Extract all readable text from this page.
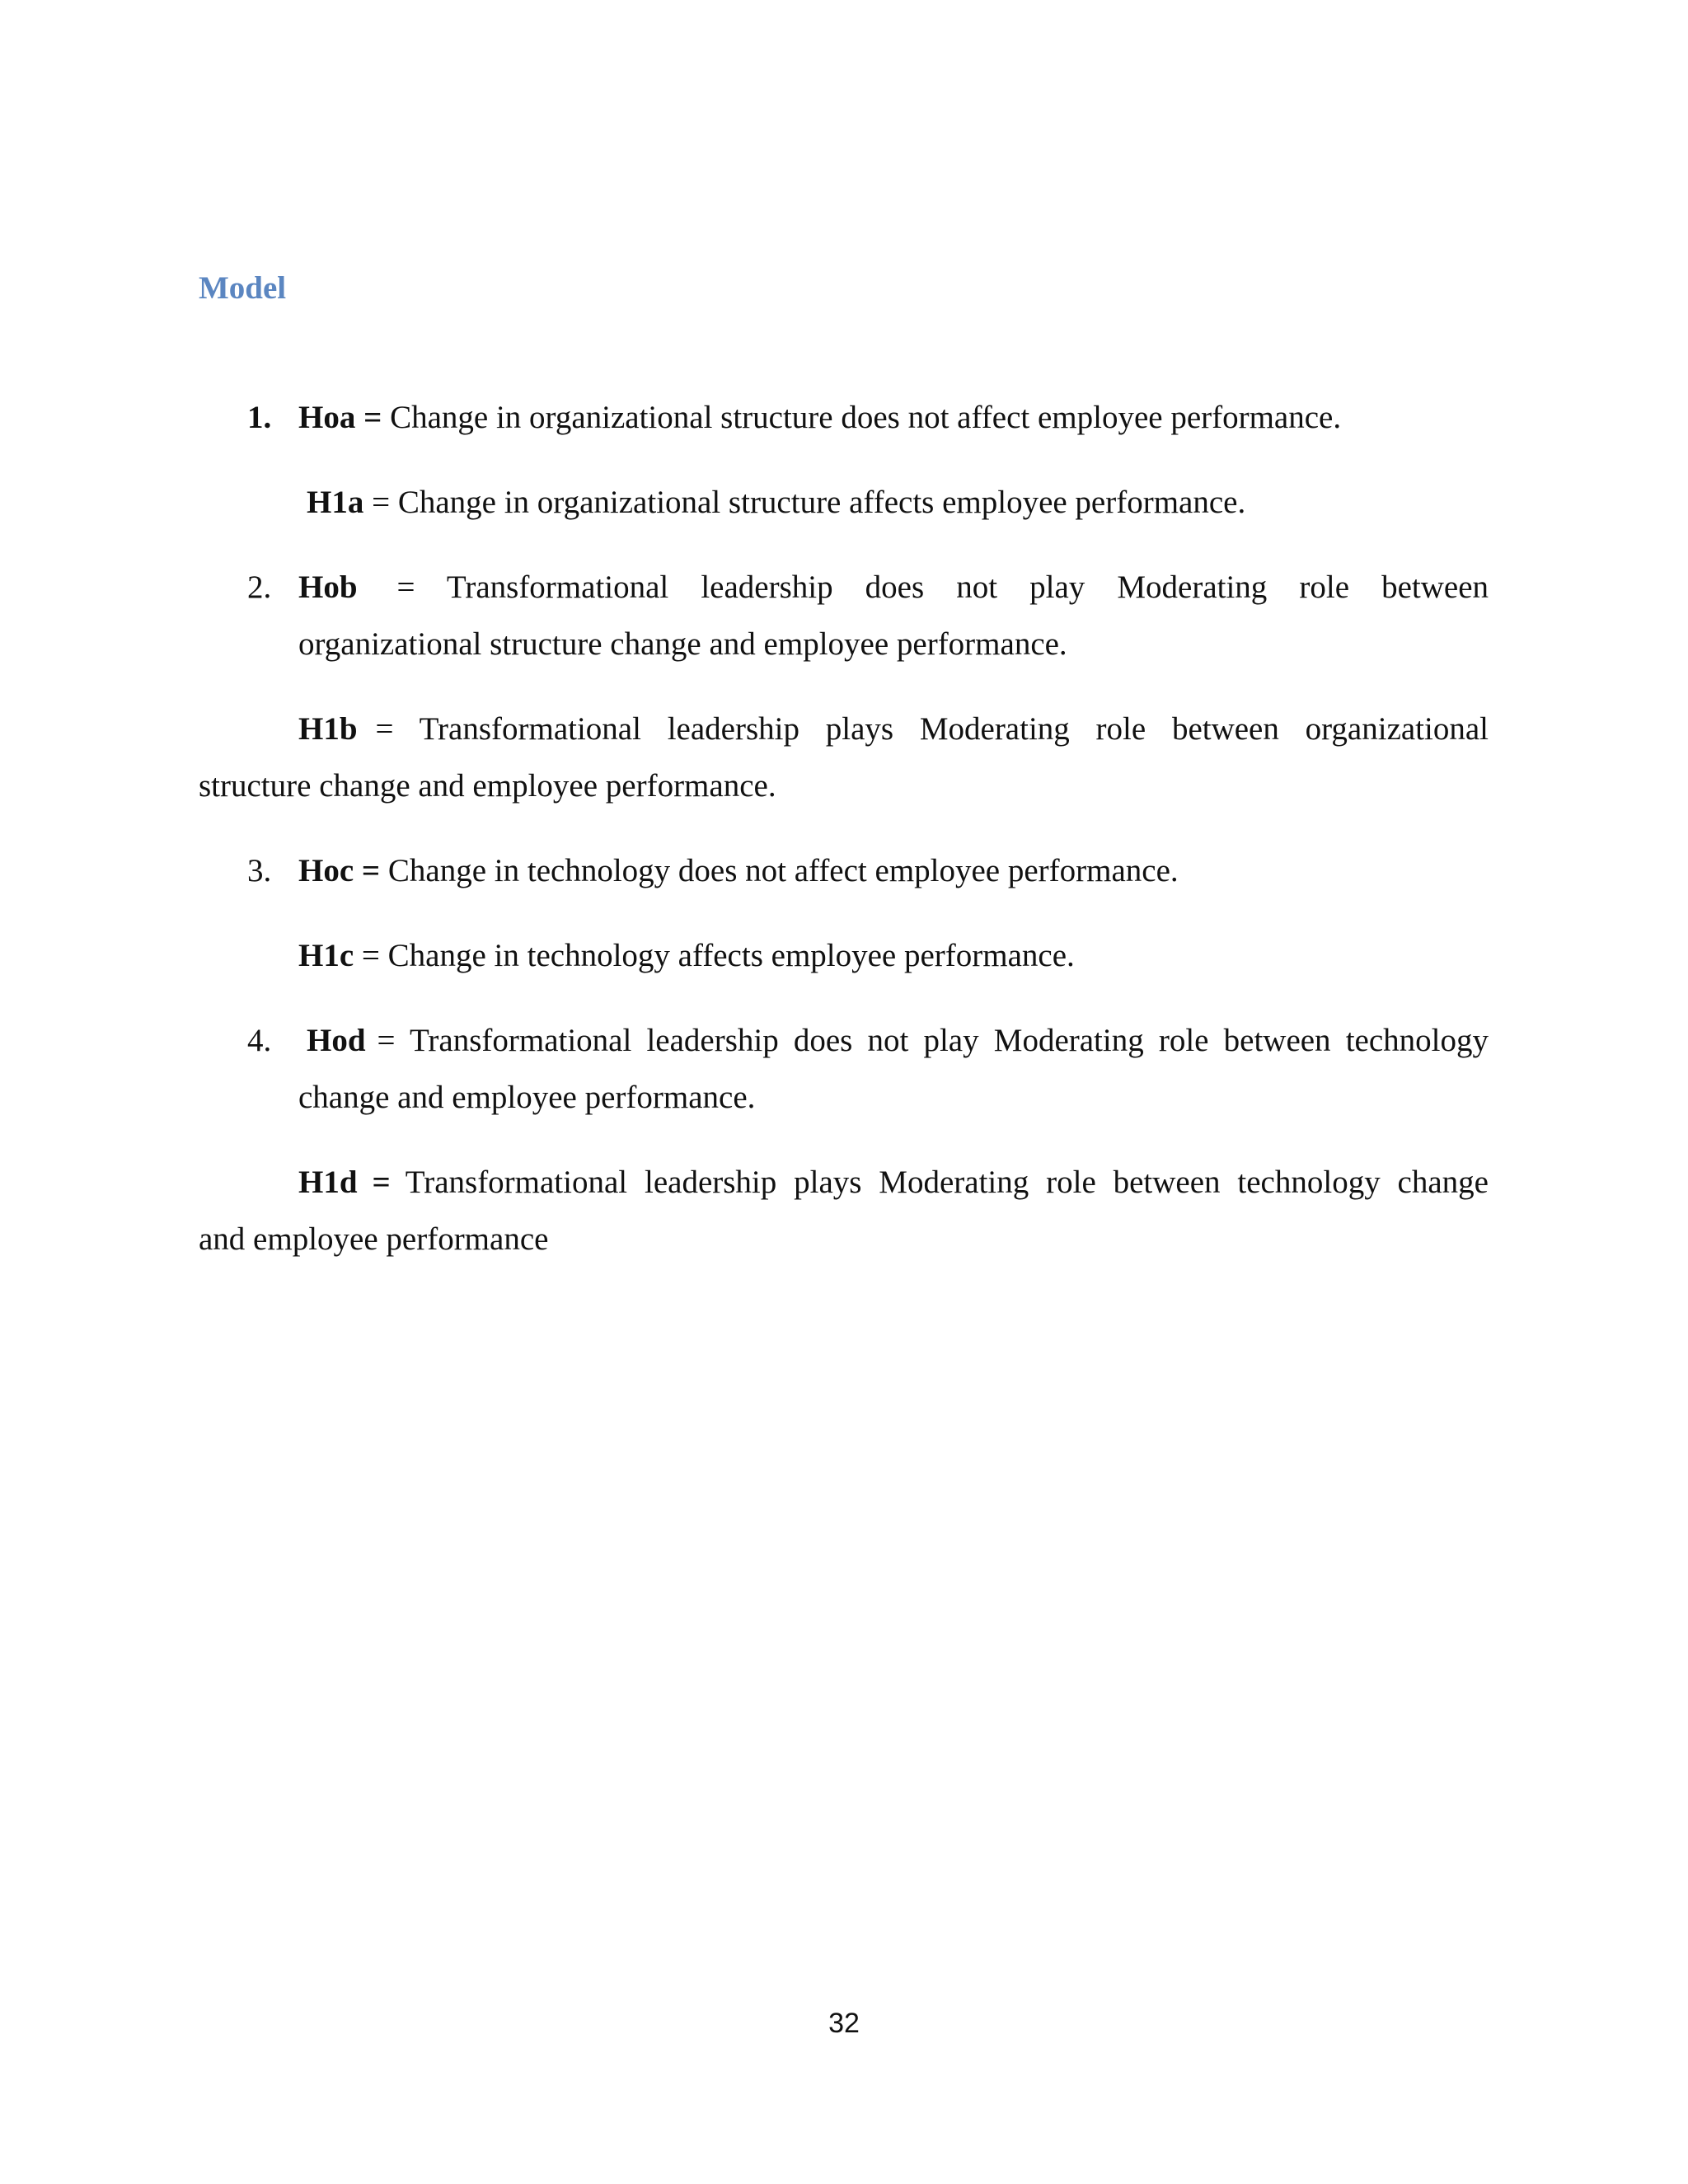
Model
1. Hoa = Change in organizational structure does not affect employee performance.
H1a = Change in organizational structure affects employee performance.
2. Hob = Transformational leadership does not play Moderating role between
organizational structure change and employee performance.
H1b = Transformational leadership plays Moderating role between organizational
structure change and employee performance.
3. Hoc = Change in technology does not affect employee performance.
H1c = Change in technology affects employee performance.
4. Hod = Transformational leadership does not play Moderating role between technology
change and employee performance.
H1d = Transformational leadership plays Moderating role between technology change
and employee performance
32
